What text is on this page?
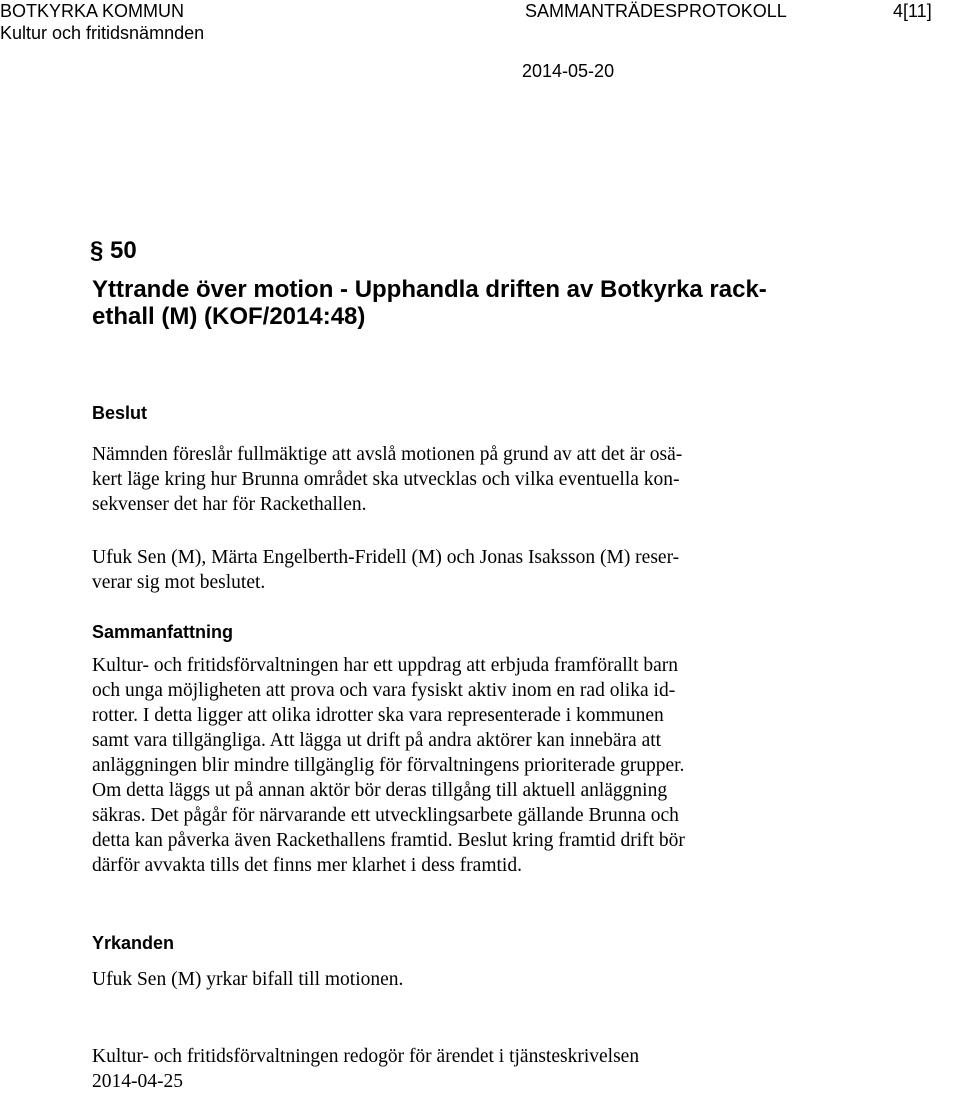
BOTKYRKA KOMMUN
Kultur och fritidsnämnden
SAMMANTRÄDESPROTOKOLL	4[11]
2014-05-20
§ 50
Yttrande över motion - Upphandla driften av Botkyrka rack-
ethall (M) (KOF/2014:48)
Beslut
Nämnden föreslår fullmäktige att avslå motionen på grund av att det är osä-
kert läge kring hur Brunna området ska utvecklas och vilka eventuella kon-
sekvenser det har för Rackethallen.
Ufuk Sen (M), Märta Engelberth-Fridell (M) och Jonas Isaksson (M) reser-
verar sig mot beslutet.
Sammanfattning
Kultur- och fritidsförvaltningen har ett uppdrag att erbjuda framförallt barn
och unga möjligheten att prova och vara fysiskt aktiv inom en rad olika id-
rotter. I detta ligger att olika idrotter ska vara representerade i kommunen
samt vara tillgängliga. Att lägga ut drift på andra aktörer kan innebära att
anläggningen blir mindre tillgänglig för förvaltningens prioriterade grupper.
Om detta läggs ut på annan aktör bör deras tillgång till aktuell anläggning
säkras. Det pågår för närvarande ett utvecklingsarbete gällande Brunna och
detta kan påverka även Rackethallens framtid. Beslut kring framtid drift bör
därför avvakta tills det finns mer klarhet i dess framtid.
Yrkanden
Ufuk Sen (M) yrkar bifall till motionen.
Kultur- och fritidsförvaltningen redogör för ärendet i tjänsteskrivelsen
2014-04-25
